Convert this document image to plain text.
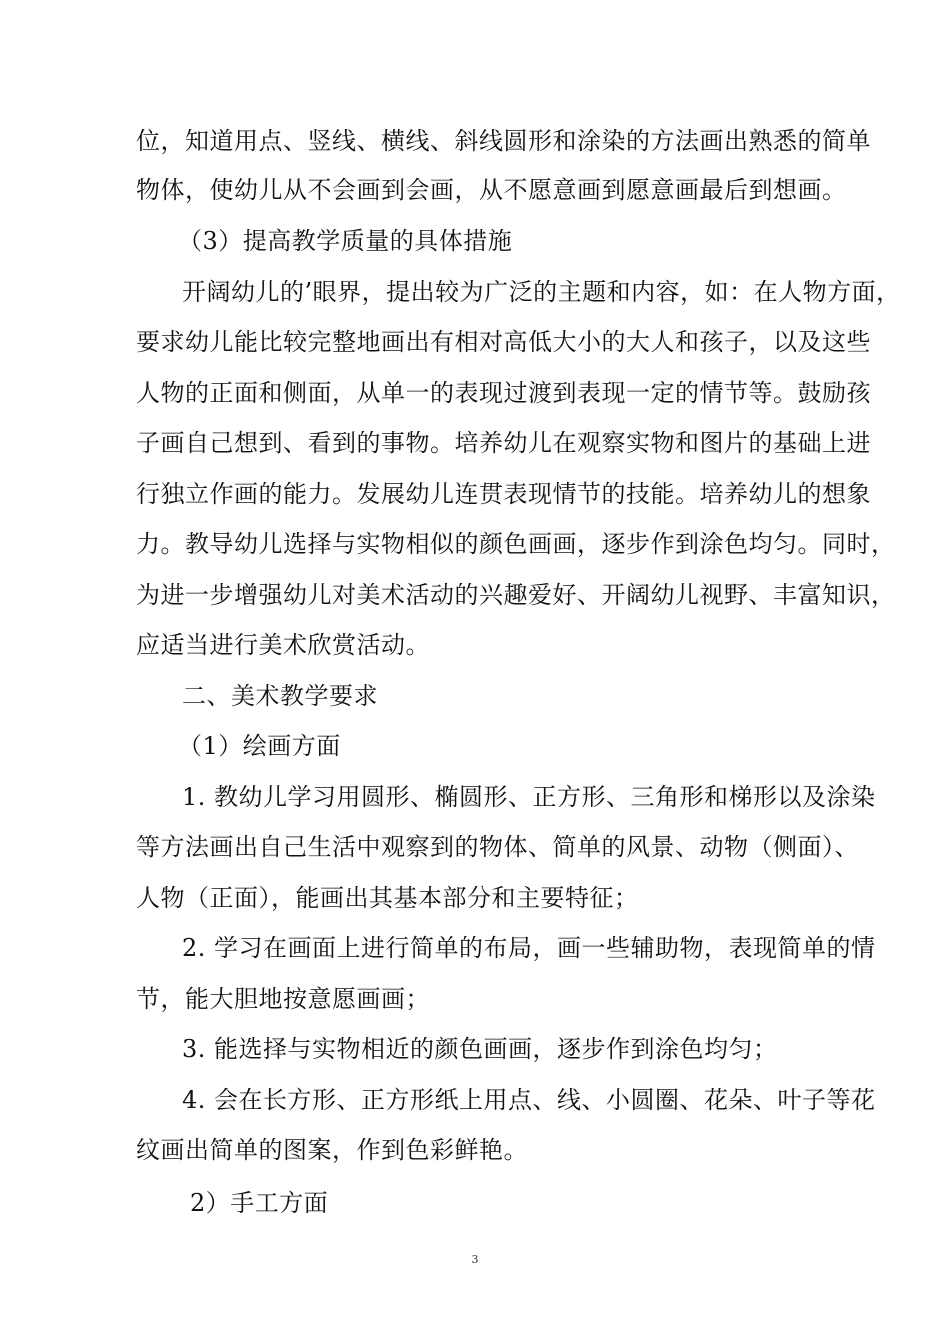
位，知道用点、竖线、横线、斜线圆形和涂染的方法画出熟悉的简单
物体，使幼儿从不会画到会画，从不愿意画到愿意画最后到想画。
（3）提高教学质量的具体措施
开阔幼儿的’眼界，提出较为广泛的主题和内容，如：在人物方面，
要求幼儿能比较完整地画出有相对高低大小的大人和孩子，以及这些
人物的正面和侧面，从单一的表现过渡到表现一定的情节等。鼓励孩
子画自己想到、看到的事物。培养幼儿在观察实物和图片的基础上进
行独立作画的能力。发展幼儿连贯表现情节的技能。培养幼儿的想象
力。教导幼儿选择与实物相似的颜色画画，逐步作到涂色均匀。同时，
为进一步增强幼儿对美术活动的兴趣爱好、开阔幼儿视野、丰富知识，
应适当进行美术欣赏活动。
二、美术教学要求
（1）绘画方面
1. 教幼儿学习用圆形、椭圆形、正方形、三角形和梯形以及涂染
等方法画出自己生活中观察到的物体、简单的风景、动物（侧面）、
人物（正面），能画出其基本部分和主要特征；
2. 学习在画面上进行简单的布局，画一些辅助物，表现简单的情
节，能大胆地按意愿画画；
3. 能选择与实物相近的颜色画画，逐步作到涂色均匀；
4. 会在长方形、正方形纸上用点、线、小圆圈、花朵、叶子等花
纹画出简单的图案，作到色彩鲜艳。
2）手工方面
3
